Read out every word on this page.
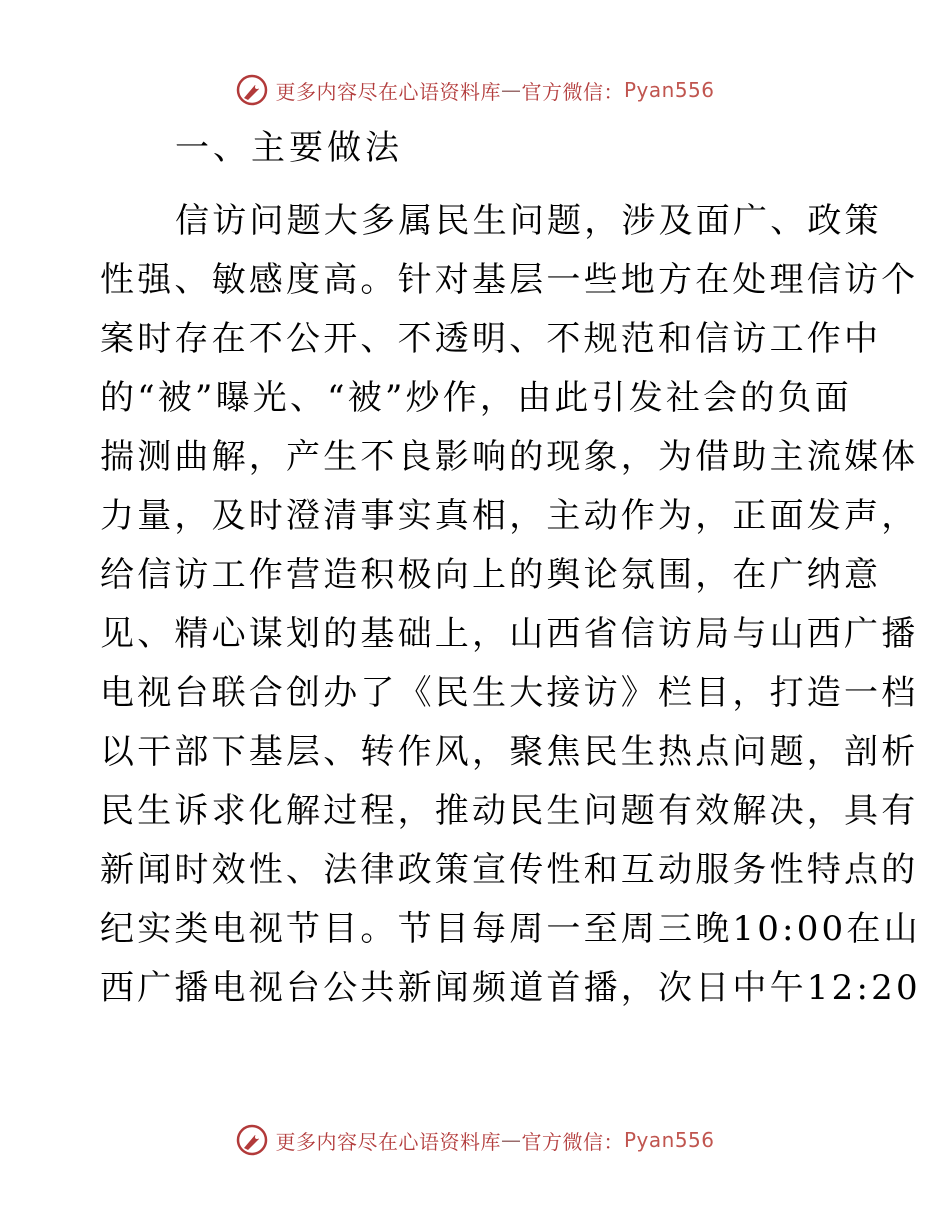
更多内容尽在心语资料库 — 官方微信： Pyan556
一、主要做法
信访问题大多属民生问题，涉及面广、政策
性强、敏感度高。针对基层一些地方在处理信访个
案时存在不公开、不透明、不规范和信访工作中
的“被”曝光、“被”炒作，由此引发社会的负面
揣测曲解，产生不良影响的现象，为借助主流媒体
力量，及时澄清事实真相，主动作为，正面发声，
给信访工作营造积极向上的舆论氛围，在广纳意
见、精心谋划的基础上，山西省信访局与山西广播
电视台联合创办了《民生大接访》栏目，打造一档
以干部下基层、转作风，聚焦民生热点问题，剖析
民生诉求化解过程，推动民生问题有效解决，具有
新闻时效性、法律政策宣传性和互动服务性特点的
纪实类电视节目。节目每周一至周三晚10:00在山
西广播电视台公共新闻频道首播，次日中午12:20
更多内容尽在心语资料库 — 官方微信： Pyan556
